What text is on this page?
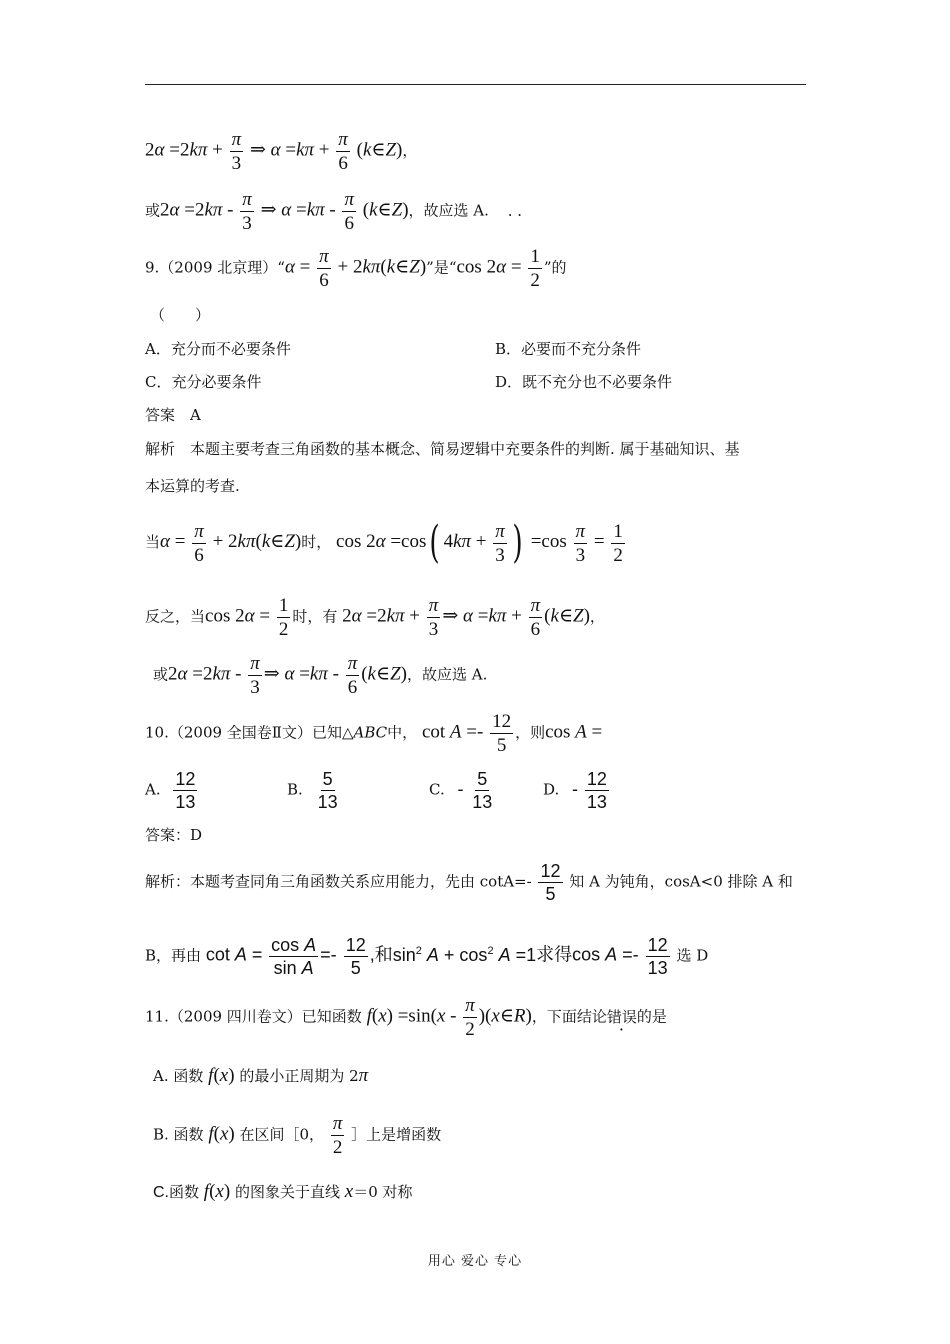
$2\alpha =2k\pi + \frac{\pi}{3}$ ⇒ $\alpha =k\pi + \frac{\pi}{6}$ (k∈Z)，
或$2\alpha =2k\pi - \frac{\pi}{3}$ ⇒ $\alpha =k\pi - \frac{\pi}{6}$ (k∈Z)，故应选 A. . .
9.（2009 北京理）“α = $\frac{\pi}{6}$ + 2kπ(k∈Z)”是“cos $2\alpha = \frac{1}{2}$ ”的
（　　）
A．充分而不必要条件	B．必要而不充分条件
C．充分必要条件	D．既不充分也不必要条件
答案　A
解析　本题主要考查三角函数的基本概念、简易逻辑中充要条件的判断. 属于基础知识、基
本运算的考查.
当$\alpha = \frac{\pi}{6}$ + 2kπ(k∈Z)时， cos 2α =cos( $4k\pi + \frac{\pi}{3}$ ) $=\cos \frac{\pi}{3} = \frac{1}{2}$
反之，当$\cos 2\alpha = \frac{1}{2}$ 时，有 $2\alpha =2k\pi + \frac{\pi}{3}$ ⇒ $\alpha =k\pi + \frac{\pi}{6}$ (k∈Z)，
或$2\alpha =2k\pi - \frac{\pi}{3}$ ⇒ $\alpha =k\pi - \frac{\pi}{6}$ (k∈Z)，故应选 A.
10.（2009 全国卷Ⅱ文）已知△ABC中， $\cot A =- \frac{12}{5}$ ，则cos A =
A. $\frac{12}{13}$	B. $\frac{5}{13}$	C. - $\frac{5}{13}$	D. - $\frac{12}{13}$
答案：D
解析：本题考查同角三角函数关系应用能力，先由 $\cot A=- \frac{12}{5}$ 知 A 为钝角，cosA<0 排除 A 和
B，再由 $\cot A = \frac{\text{cos A}}{\text{sin A}} =- \frac{12}{5}$ ,和$\sin^2 A + \cos^2 A =1$求得$\cos A =- \frac{12}{13}$ 选 D
11.（2009 四川卷文）已知函数 $f(x) =\sin(x - \frac{\pi}{2}$ )(x∈R)，下面结论错误的是
A. 函数 f(x) 的最小正周期为 2π
B. 函数 f(x) 在区间［0， $\frac{\pi}{2}$ ］上是增函数
C.函数 f(x) 的图象关于直线 x＝0 对称
用心 爱心 专心
